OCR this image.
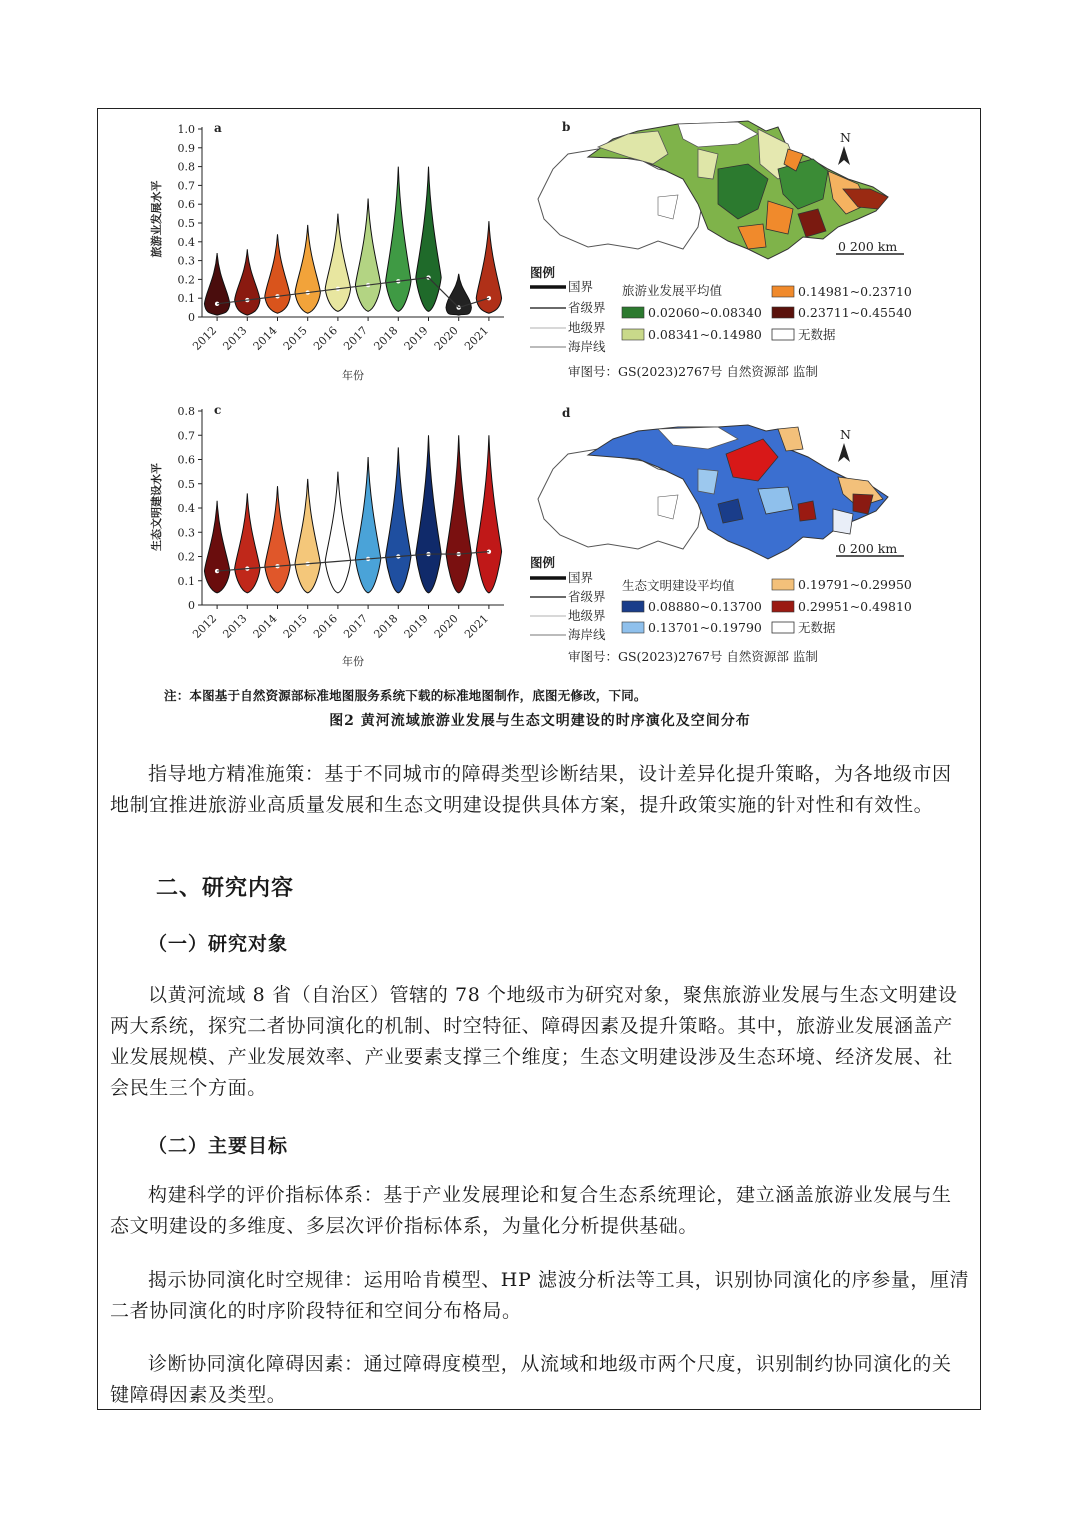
a
1.0
0.9
0.8
0.7
0.6
0.5
0.4
0.3
0.2
0.1
0
2012 2013 2014 2015 2016 2017 2018 2019 2020 2021
年份
旅游业发展水平
b
N
0 200 km
图例
国界
省级界
地级界
海岸线
旅游业发展平均值
0.02060~0.08340
0.08341~0.14980
0.14981~0.23710
0.23711~0.45540
无数据
审图号：GS(2023)2767号 自然资源部 监制
c
0.8
0.7
0.6
0.5
0.4
0.3
0.2
0.1
0
2012 2013 2014 2015 2016 2017 2018 2019 2020 2021
年份
生态文明建设水平
d
N
0 200 km
图例
国界
省级界
地级界
海岸线
生态文明建设平均值
0.08880~0.13700
0.13701~0.19790
0.19791~0.29950
0.29951~0.49810
无数据
审图号：GS(2023)2767号 自然资源部 监制
注：本图基于自然资源部标准地图服务系统下载的标准地图制作，底图无修改，下同。
图2 黄河流域旅游业发展与生态文明建设的时序演化及空间分布

指导地方精准施策：基于不同城市的障碍类型诊断结果，设计差异化提升策略，为各地级市因地制宜推进旅游业高质量发展和生态文明建设提供具体方案，提升政策实施的针对性和有效性。

二、研究内容
（一）研究对象

以黄河流域 8 省（自治区）管辖的 78 个地级市为研究对象，聚焦旅游业发展与生态文明建设两大系统，探究二者协同演化的机制、时空特征、障碍因素及提升策略。其中，旅游业发展涵盖产业发展规模、产业发展效率、产业要素支撑三个维度；生态文明建设涉及生态环境、经济发展、社会民生三个方面。

（二）主要目标

构建科学的评价指标体系：基于产业发展理论和复合生态系统理论，建立涵盖旅游业发展与生态文明建设的多维度、多层次评价指标体系，为量化分析提供基础。

揭示协同演化时空规律：运用哈肯模型、HP 滤波分析法等工具，识别协同演化的序参量，厘清二者协同演化的时序阶段特征和空间分布格局。

诊断协同演化障碍因素：通过障碍度模型，从流域和地级市两个尺度，识别制约协同演化的关键障碍因素及类型。
